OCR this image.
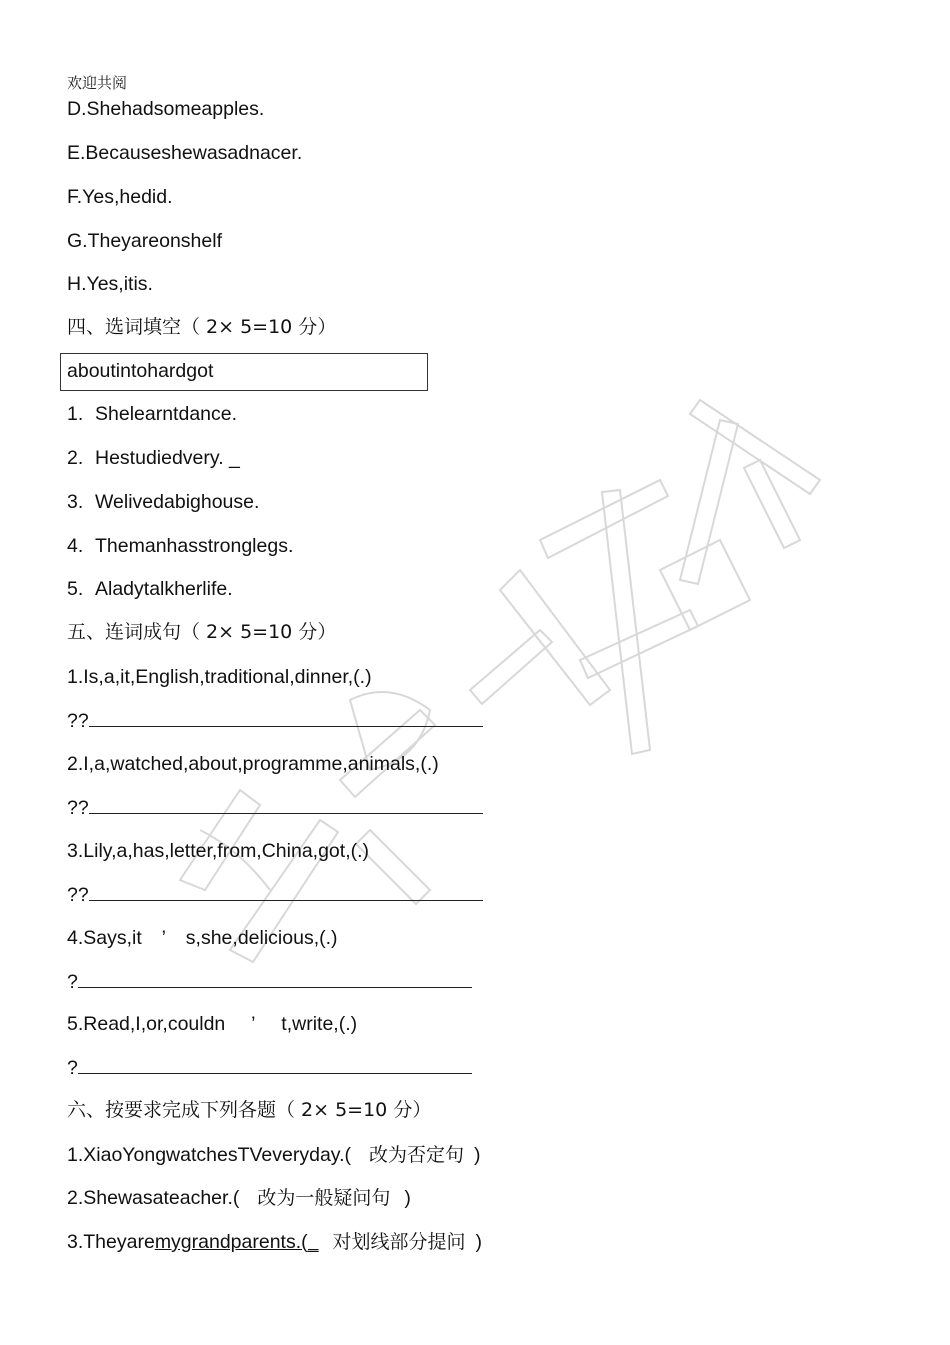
欢迎共阅
D.Shehadsomeapples.
E.Becauseshewasadnacer.
F.Yes,hedid.
G.Theyareonshelf
H.Yes,itis.
四、选词填空（ 2× 5=10 分）
aboutintohardgot
1. Shelearntdance.
2. Hestudiedvery. _
3. Welivedabighouse.
4. Themanhasstronglegs.
5. Aladytalkherlife.
五、连词成句（ 2× 5=10 分）
1.Is,a,it,English,traditional,dinner,(.)
??
2.I,a,watched,about,programme,animals,(.)
??
3.Lily,a,has,letter,from,China,got,(.)
??
4.Says,it ’ s,she,delicious,(.)
?
5.Read,I,or,couldn ’ t,write,(.)
?
六、按要求完成下列各题（ 2× 5=10 分）
1.XiaoYongwatchesTVeveryday.( 改为否定句 )
2.Shewasateacher.( 改为一般疑问句 )
3.Theyaremygrandparents.(_ 对划线部分提问 )
